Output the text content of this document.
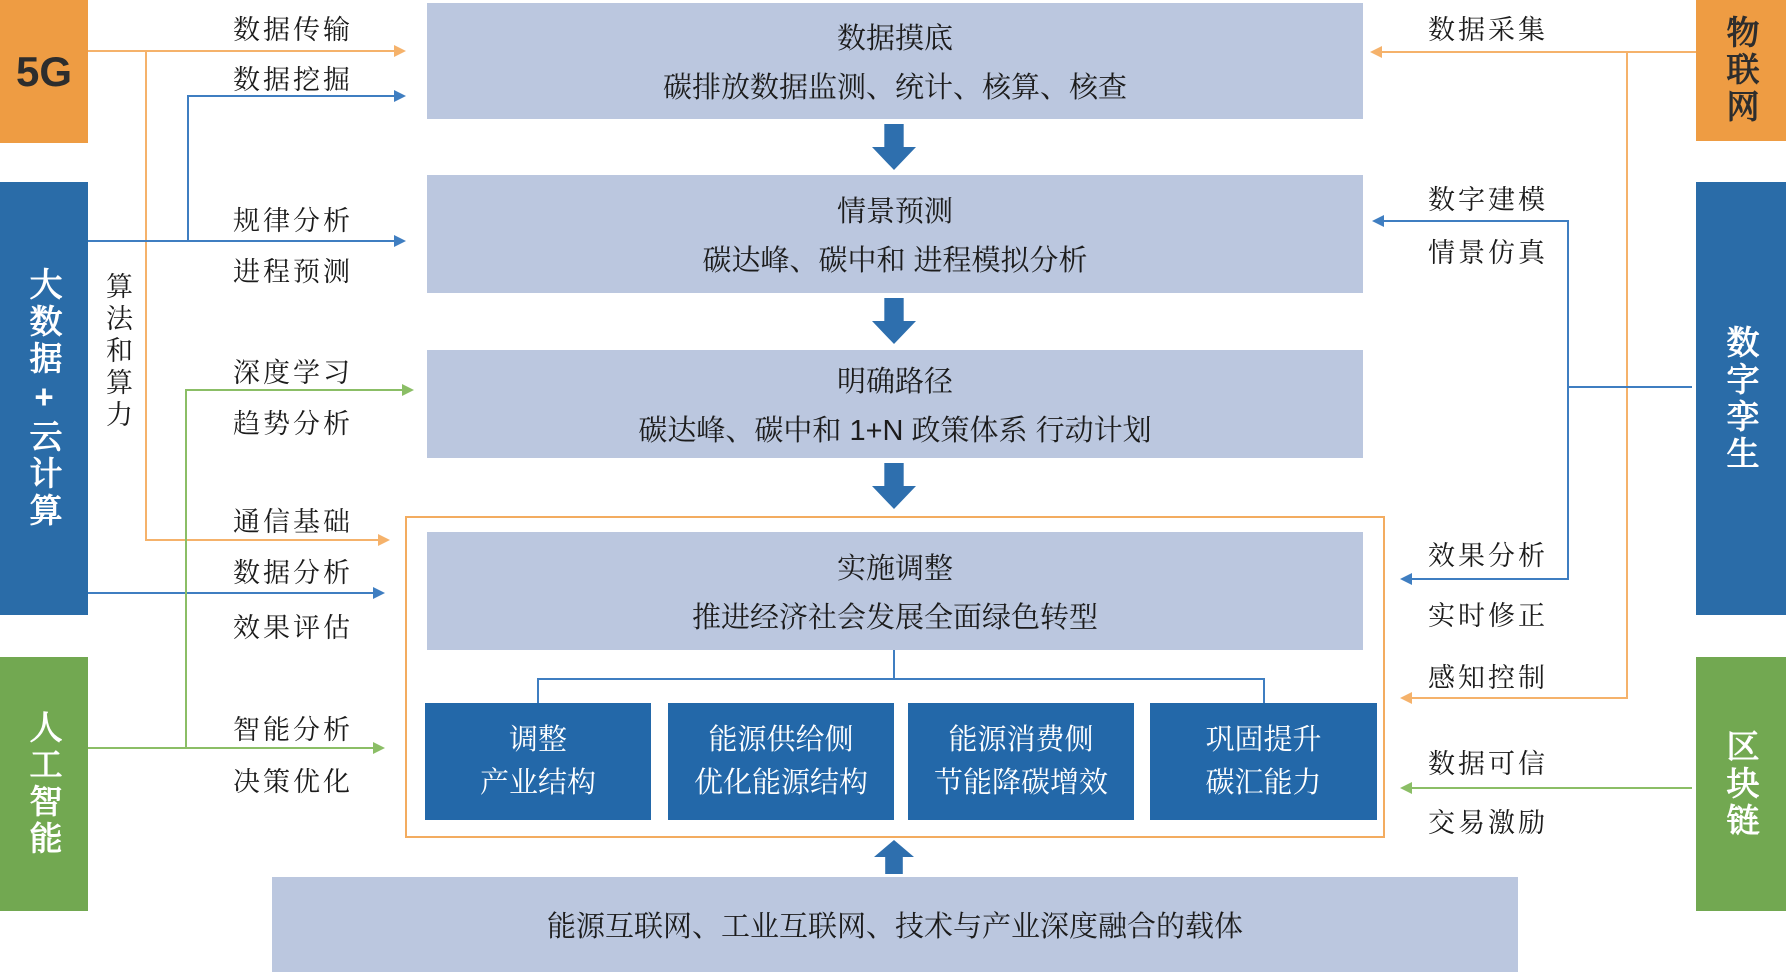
5G
大数据+云计算
人工智能
物联网
数字孪生
区块链
数据摸底
碳排放数据监测、统计、核算、核查
情景预测
碳达峰、碳中和 进程模拟分析
明确路径
碳达峰、碳中和 1+N 政策体系 行动计划
实施调整
推进经济社会发展全面绿色转型
调整
产业结构
能源供给侧
优化能源结构
能源消费侧
节能降碳增效
巩固提升
碳汇能力
能源互联网、工业互联网、技术与产业深度融合的载体
数据传输
数据挖掘
规律分析
进程预测
算法和算力	深度学习
趋势分析
通信基础
数据分析
效果评估
智能分析
决策优化
数据采集
数字建模
情景仿真
效果分析
实时修正
感知控制
数据可信
交易激励
